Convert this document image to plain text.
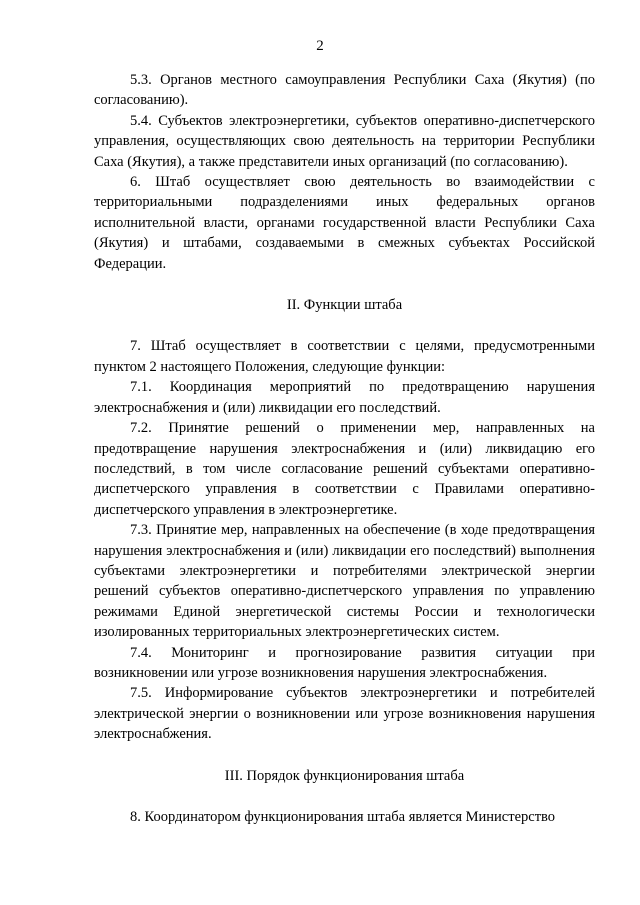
2

5.3. Органов местного самоуправления Республики Саха (Якутия) (по согласованию).

5.4. Субъектов электроэнергетики, субъектов оперативно-диспетчерского управления, осуществляющих свою деятельность на территории Республики Саха (Якутия), а также представители иных организаций (по согласованию).

6. Штаб осуществляет свою деятельность во взаимодействии с территориальными подразделениями иных федеральных органов исполнительной власти, органами государственной власти Республики Саха (Якутия) и штабами, создаваемыми в смежных субъектах Российской Федерации.

II. Функции штаба

7. Штаб осуществляет в соответствии с целями, предусмотренными пунктом 2 настоящего Положения, следующие функции:

7.1. Координация мероприятий по предотвращению нарушения электроснабжения и (или) ликвидации его последствий.

7.2. Принятие решений о применении мер, направленных на предотвращение нарушения электроснабжения и (или) ликвидацию его последствий, в том числе согласование решений субъектами оперативно-диспетчерского управления в соответствии с Правилами оперативно-диспетчерского управления в электроэнергетике.

7.3. Принятие мер, направленных на обеспечение (в ходе предотвращения нарушения электроснабжения и (или) ликвидации его последствий) выполнения субъектами электроэнергетики и потребителями электрической энергии решений субъектов оперативно-диспетчерского управления по управлению режимами Единой энергетической системы России и технологически изолированных территориальных электроэнергетических систем.

7.4. Мониторинг и прогнозирование развития ситуации при возникновении или угрозе возникновения нарушения электроснабжения.

7.5. Информирование субъектов электроэнергетики и потребителей электрической энергии о возникновении или угрозе возникновения нарушения электроснабжения.

III. Порядок функционирования штаба

8. Координатором функционирования штаба является Министерство
